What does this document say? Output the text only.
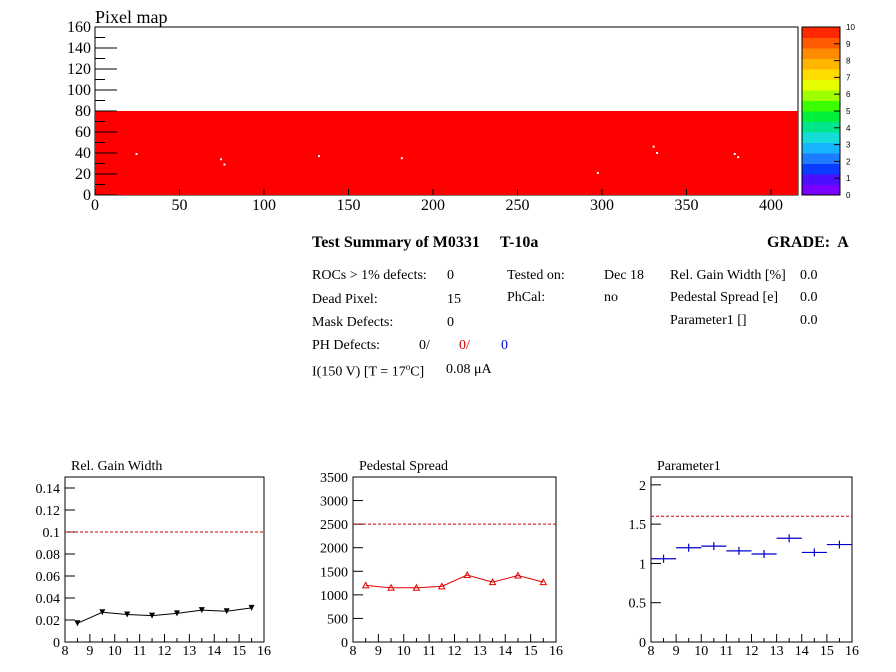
Pixel map
0
20
40
60
80
100
120
140
160
0	50	100	150	200	250	300	350	400
10
9
8
7
6
5
4
3
2
1
0
Rel. Gain Width
0
0.02
0.04
0.06
0.08
0.1
0.12
0.14
8 9 10 11 12 13 14 15 16
Pedestal Spread
0
500
1000
1500
2000
2500
3000
3500
8 9 10 11 12 13 14 15 16
Parameter1
0
0.5
1
1.5
2
8 9 10 11 12 13 14 15 16
Test Summary of M0331 T-10a	GRADE: A
ROCs > 1% defects: 0
Dead Pixel:	15
Mask Defects:	0
PH Defects:	0/ 0/ 0
I(150 V) $[T = 17^oC]$ 0.08 μA
Tested on:	Dec 18
PhCal:	no
Rel. Gain Width [%] 0.0
Pedestal Spread [e] 0.0
Parameter1 []	0.0
